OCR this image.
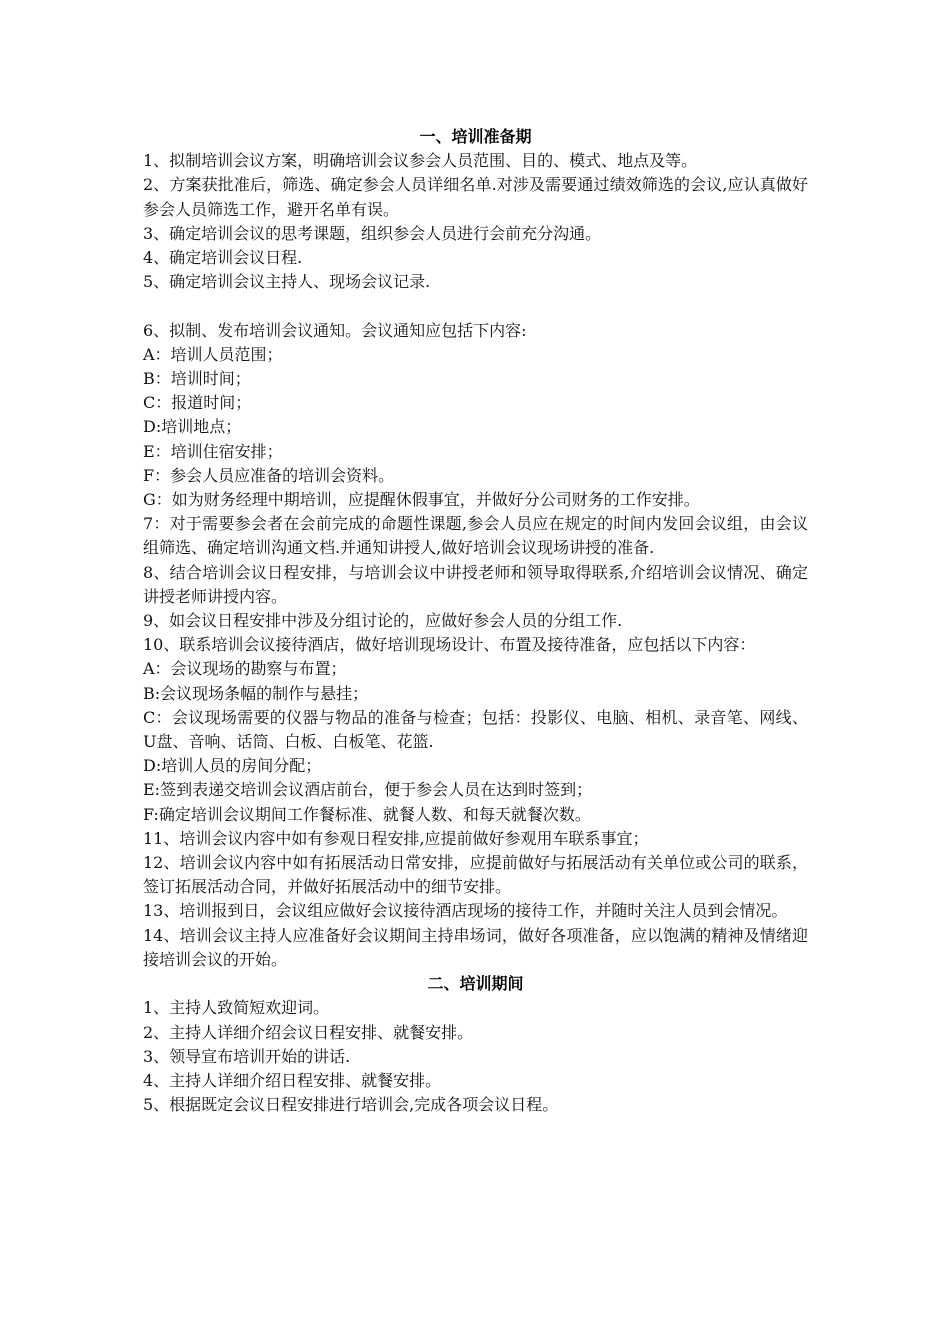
一、培训准备期

1、拟制培训会议方案，明确培训会议参会人员范围、目的、模式、地点及等。

2、方案获批准后，筛选、确定参会人员详细名单.对涉及需要通过绩效筛选的会议,应认真做好参会人员筛选工作，避开名单有误。

3、确定培训会议的思考课题，组织参会人员进行会前充分沟通。

4、确定培训会议日程.

5、确定培训会议主持人、现场会议记录.

6、拟制、发布培训会议通知。会议通知应包括下内容:

A：培训人员范围；

B：培训时间；

C：报道时间；

D:培训地点；

E：培训住宿安排；

F：参会人员应准备的培训会资料。

G：如为财务经理中期培训，应提醒休假事宜，并做好分公司财务的工作安排。

7：对于需要参会者在会前完成的命题性课题,参会人员应在规定的时间内发回会议组，由会议组筛选、确定培训沟通文档.并通知讲授人,做好培训会议现场讲授的准备.

8、结合培训会议日程安排，与培训会议中讲授老师和领导取得联系,介绍培训会议情况、确定讲授老师讲授内容。

9、如会议日程安排中涉及分组讨论的，应做好参会人员的分组工作.

10、联系培训会议接待酒店，做好培训现场设计、布置及接待准备，应包括以下内容：

A：会议现场的勘察与布置；

B:会议现场条幅的制作与悬挂；

C：会议现场需要的仪器与物品的准备与检查；包括：投影仪、电脑、相机、录音笔、网线、U盘、音响、话筒、白板、白板笔、花篮.

D:培训人员的房间分配；

E:签到表递交培训会议酒店前台，便于参会人员在达到时签到；

F:确定培训会议期间工作餐标准、就餐人数、和每天就餐次数。

11、培训会议内容中如有参观日程安排,应提前做好参观用车联系事宜；

12、培训会议内容中如有拓展活动日常安排，应提前做好与拓展活动有关单位或公司的联系，签订拓展活动合同，并做好拓展活动中的细节安排。

13、培训报到日，会议组应做好会议接待酒店现场的接待工作，并随时关注人员到会情况。

14、培训会议主持人应准备好会议期间主持串场词，做好各项准备，应以饱满的精神及情绪迎接培训会议的开始。

二、培训期间

1、主持人致简短欢迎词。

2、主持人详细介绍会议日程安排、就餐安排。

3、领导宣布培训开始的讲话.

4、主持人详细介绍日程安排、就餐安排。

5、根据既定会议日程安排进行培训会,完成各项会议日程。
